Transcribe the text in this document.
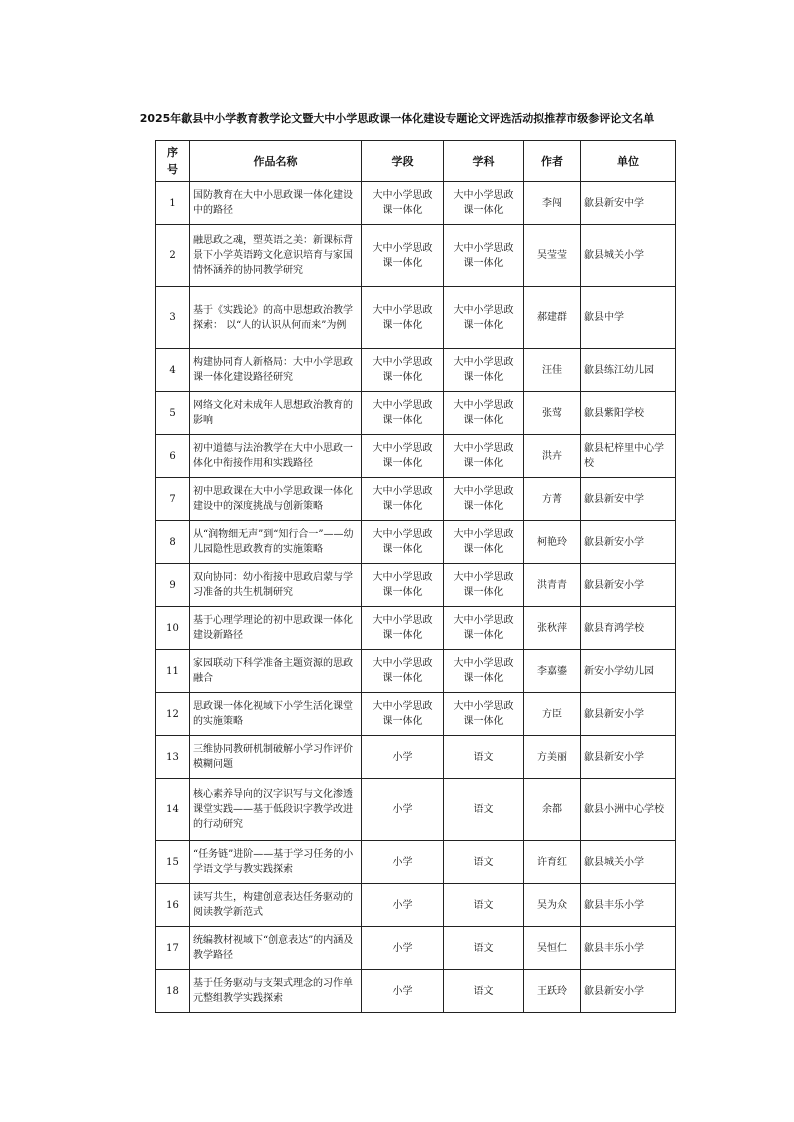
2025年歙县中小学教育教学论文暨大中小学思政课一体化建设专题论文评选活动拟推荐市级参评论文名单
序号	作品名称	学段	学科	作者	单位
1	国防教育在大中小思政课一体化建设中的路径	大中小学思政课一体化	大中小学思政课一体化	李闯	歙县新安中学
2	融思政之魂，塑英语之美：新课标背景下小学英语跨文化意识培育与家国情怀涵养的协同教学研究	大中小学思政课一体化	大中小学思政课一体化	吴莹莹	歙县城关小学
3	基于《实践论》的高中思想政治教学探索： 以“人的认识从何而来”为例	大中小学思政课一体化	大中小学思政课一体化	郝建群	歙县中学
4	构建协同育人新格局：大中小学思政课一体化建设路径研究	大中小学思政课一体化	大中小学思政课一体化	汪佳	歙县练江幼儿园
5	网络文化对未成年人思想政治教育的影响	大中小学思政课一体化	大中小学思政课一体化	张莺	歙县紫阳学校
6	初中道德与法治教学在大中小思政一体化中衔接作用和实践路径	大中小学思政课一体化	大中小学思政课一体化	洪卉	歙县杞梓里中心学校
7	初中思政课在大中小学思政课一体化建设中的深度挑战与创新策略	大中小学思政课一体化	大中小学思政课一体化	方菁	歙县新安中学
8	从“润物细无声”到“知行合一”——幼儿园隐性思政教育的实施策略	大中小学思政课一体化	大中小学思政课一体化	柯艳玲	歙县新安小学
9	双向协同：幼小衔接中思政启蒙与学习准备的共生机制研究	大中小学思政课一体化	大中小学思政课一体化	洪青青	歙县新安小学
10	基于心理学理论的初中思政课一体化建设新路径	大中小学思政课一体化	大中小学思政课一体化	张秋萍	歙县育鸿学校
11	家园联动下科学准备主题资源的思政融合	大中小学思政课一体化	大中小学思政课一体化	李嘉鎏	新安小学幼儿园
12	思政课一体化视域下小学生活化课堂的实施策略	大中小学思政课一体化	大中小学思政课一体化	方臣	歙县新安小学
13	三维协同教研机制破解小学习作评价模糊问题	小学	语文	方美丽	歙县新安小学
14	核心素养导向的汉字识写与文化渗透课堂实践——基于低段识字教学改进的行动研究	小学	语文	余都	歙县小洲中心学校
15	“任务链”进阶——基于学习任务的小学语文学与教实践探索	小学	语文	许育红	歙县城关小学
16	读写共生，构建创意表达任务驱动的阅读教学新范式	小学	语文	吴为众	歙县丰乐小学
17	统编教材视域下“创意表达”的内涵及教学路径	小学	语文	吴恒仁	歙县丰乐小学
18	基于任务驱动与支架式理念的习作单元整组教学实践探索	小学	语文	王跃玲	歙县新安小学
